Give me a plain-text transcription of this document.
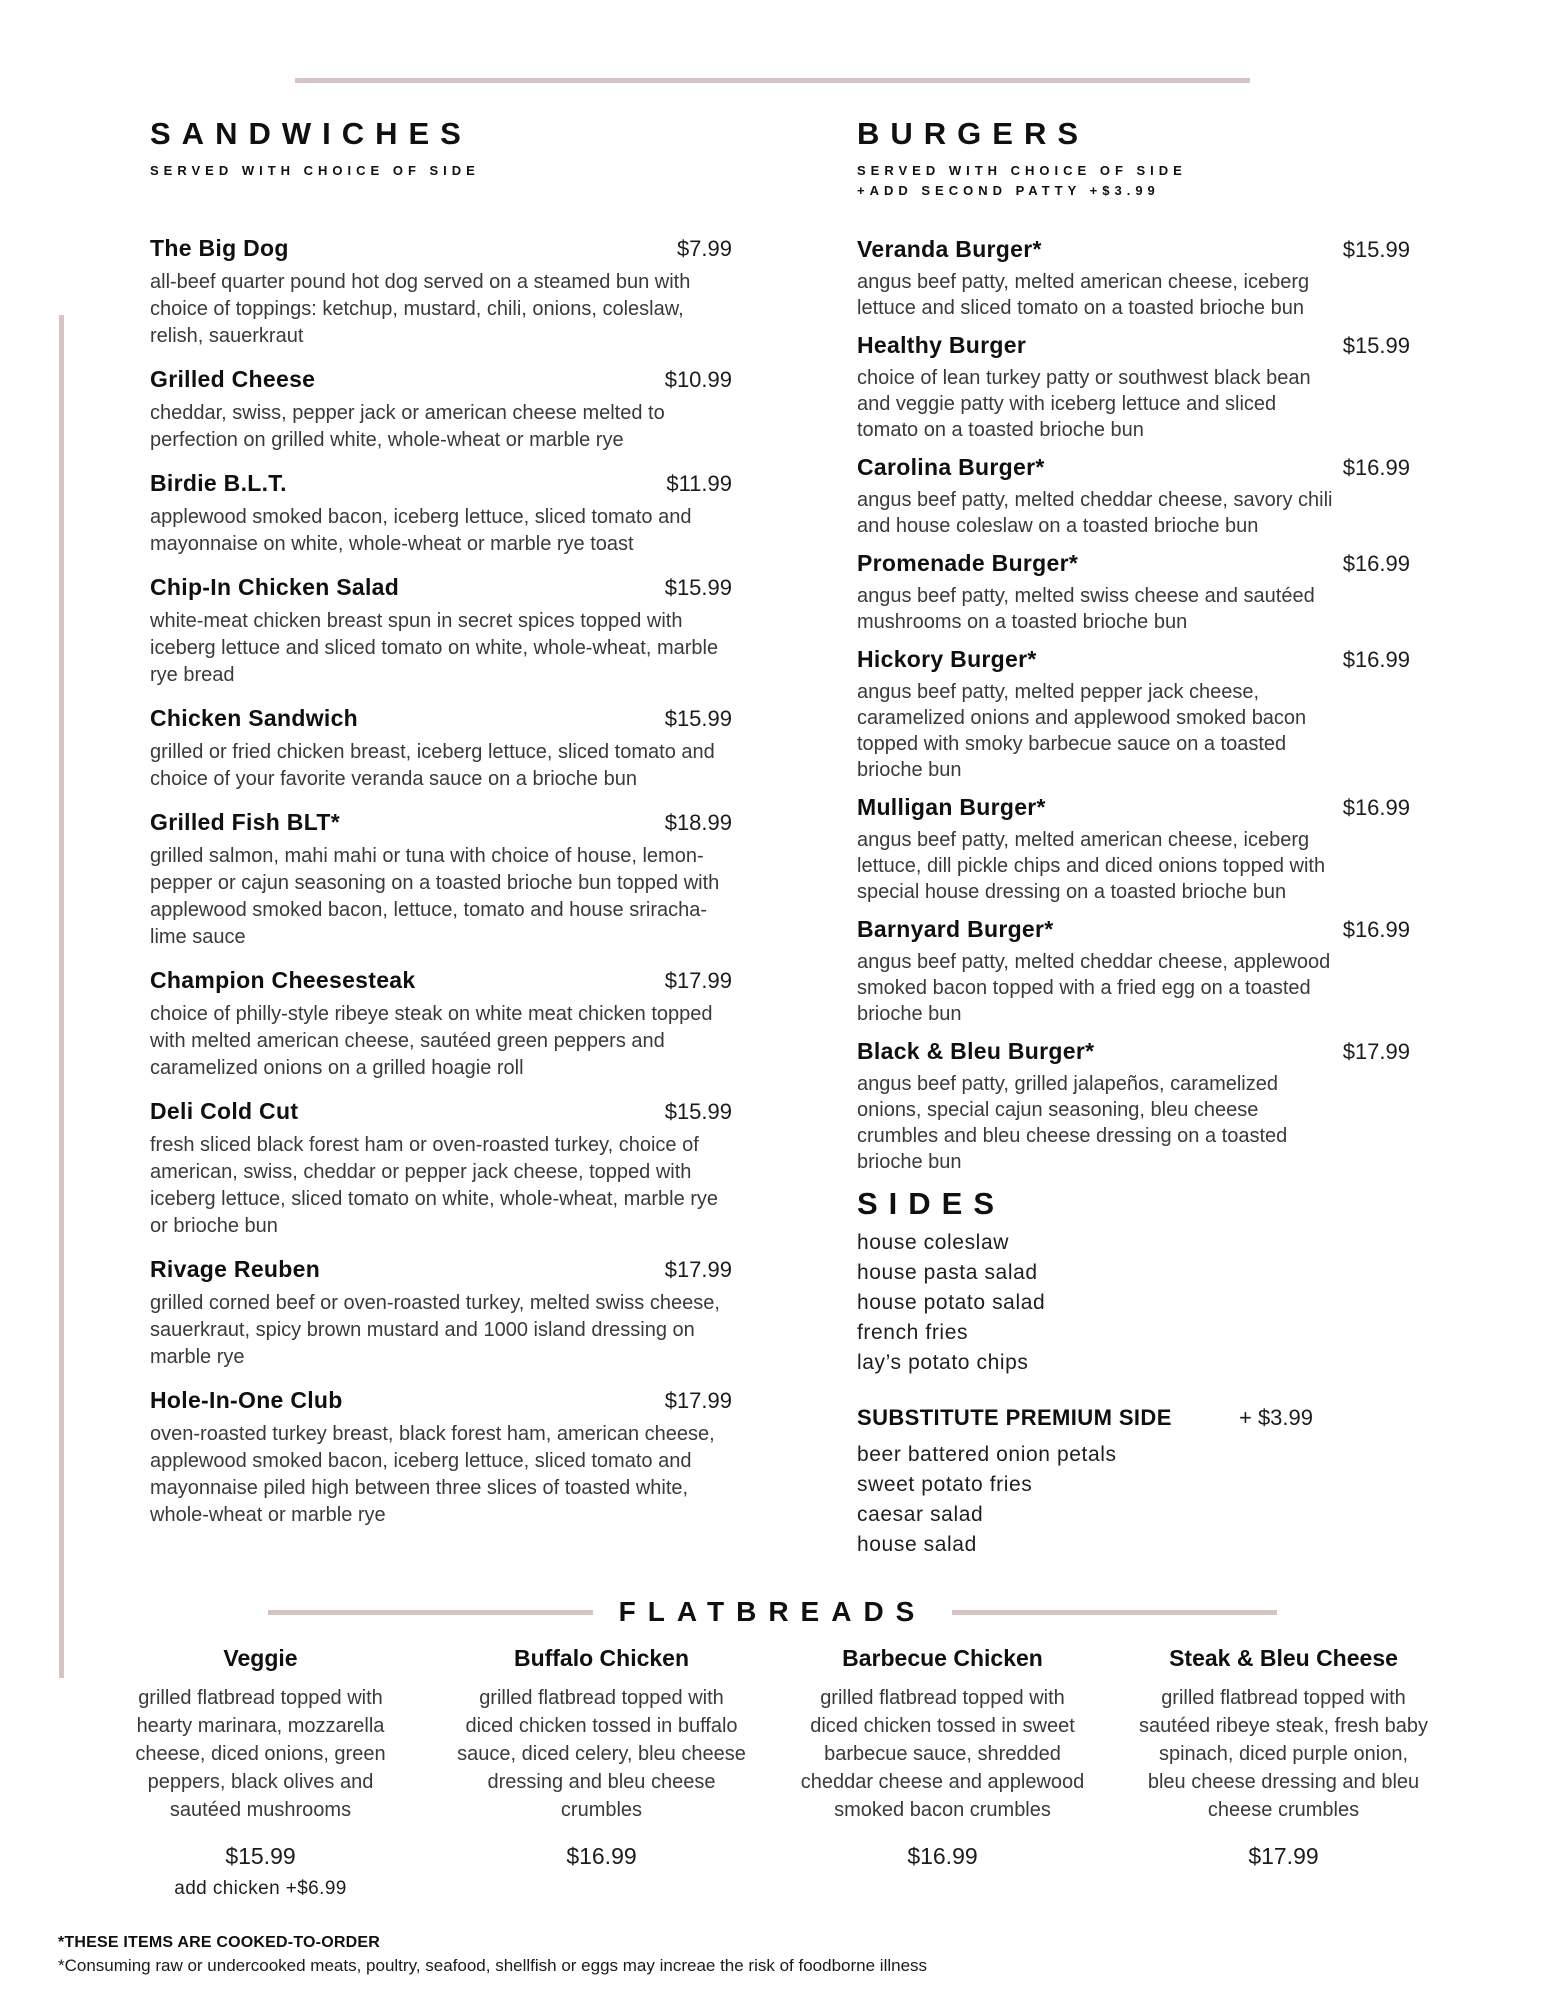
SANDWICHES
SERVED WITH CHOICE OF SIDE
The Big Dog	$7.99
all-beef quarter pound hot dog served on a steamed bun with choice of toppings: ketchup, mustard, chili, onions, coleslaw, relish, sauerkraut
Grilled Cheese	$10.99
cheddar, swiss, pepper jack or american cheese melted to perfection on grilled white, whole-wheat or marble rye
Birdie B.L.T.	$11.99
applewood smoked bacon, iceberg lettuce, sliced tomato and mayonnaise on white, whole-wheat or marble rye toast
Chip-In Chicken Salad	$15.99
white-meat chicken breast spun in secret spices topped with iceberg lettuce and sliced tomato on white, whole-wheat, marble rye bread
Chicken Sandwich	$15.99
grilled or fried chicken breast, iceberg lettuce, sliced tomato and choice of your favorite veranda sauce on a brioche bun
Grilled Fish BLT*	$18.99
grilled salmon, mahi mahi or tuna with choice of house, lemon-pepper or cajun seasoning on a toasted brioche bun topped with applewood smoked bacon, lettuce, tomato and house sriracha-lime sauce
Champion Cheesesteak	$17.99
choice of philly-style ribeye steak on white meat chicken topped with melted american cheese, sautéed green peppers and caramelized onions on a grilled hoagie roll
Deli Cold Cut	$15.99
fresh sliced black forest ham or oven-roasted turkey, choice of american, swiss, cheddar or pepper jack cheese, topped with iceberg lettuce, sliced tomato on white, whole-wheat, marble rye or brioche bun
Rivage Reuben	$17.99
grilled corned beef or oven-roasted turkey, melted swiss cheese, sauerkraut, spicy brown mustard and 1000 island dressing on marble rye
Hole-In-One Club	$17.99
oven-roasted turkey breast, black forest ham, american cheese, applewood smoked bacon, iceberg lettuce, sliced tomato and mayonnaise piled high between three slices of toasted white, whole-wheat or marble rye
BURGERS
SERVED WITH CHOICE OF SIDE
+ADD SECOND PATTY +$3.99
Veranda Burger*	$15.99
angus beef patty, melted american cheese, iceberg lettuce and sliced tomato on a toasted brioche bun
Healthy Burger	$15.99
choice of lean turkey patty or southwest black bean and veggie patty with iceberg lettuce and sliced tomato on a toasted brioche bun
Carolina Burger*	$16.99
angus beef patty, melted cheddar cheese, savory chili and house coleslaw on a toasted brioche bun
Promenade Burger*	$16.99
angus beef patty, melted swiss cheese and sautéed mushrooms on a toasted brioche bun
Hickory Burger*	$16.99
angus beef patty, melted pepper jack cheese, caramelized onions and applewood smoked bacon topped with smoky barbecue sauce on a toasted brioche bun
Mulligan Burger*	$16.99
angus beef patty, melted american cheese, iceberg lettuce, dill pickle chips and diced onions topped with special house dressing on a toasted brioche bun
Barnyard Burger*	$16.99
angus beef patty, melted cheddar cheese, applewood smoked bacon topped with a fried egg on a toasted brioche bun
Black & Bleu Burger*	$17.99
angus beef patty, grilled jalapeños, caramelized onions, special cajun seasoning, bleu cheese crumbles and bleu cheese dressing on a toasted brioche bun
SIDES
house coleslaw
house pasta salad
house potato salad
french fries
lay’s potato chips
SUBSTITUTE PREMIUM SIDE	+ $3.99
beer battered onion petals
sweet potato fries
caesar salad
house salad
FLATBREADS
Veggie
grilled flatbread topped with hearty marinara, mozzarella cheese, diced onions, green peppers, black olives and sautéed mushrooms
$15.99
add chicken +$6.99
Buffalo Chicken
grilled flatbread topped with diced chicken tossed in buffalo sauce, diced celery, bleu cheese dressing and bleu cheese crumbles
$16.99
Barbecue Chicken
grilled flatbread topped with diced chicken tossed in sweet barbecue sauce, shredded cheddar cheese and applewood smoked bacon crumbles
$16.99
Steak & Bleu Cheese
grilled flatbread topped with sautéed ribeye steak, fresh baby spinach, diced purple onion, bleu cheese dressing and bleu cheese crumbles
$17.99
*THESE ITEMS ARE COOKED-TO-ORDER
*Consuming raw or undercooked meats, poultry, seafood, shellfish or eggs may increae the risk of foodborne illness
